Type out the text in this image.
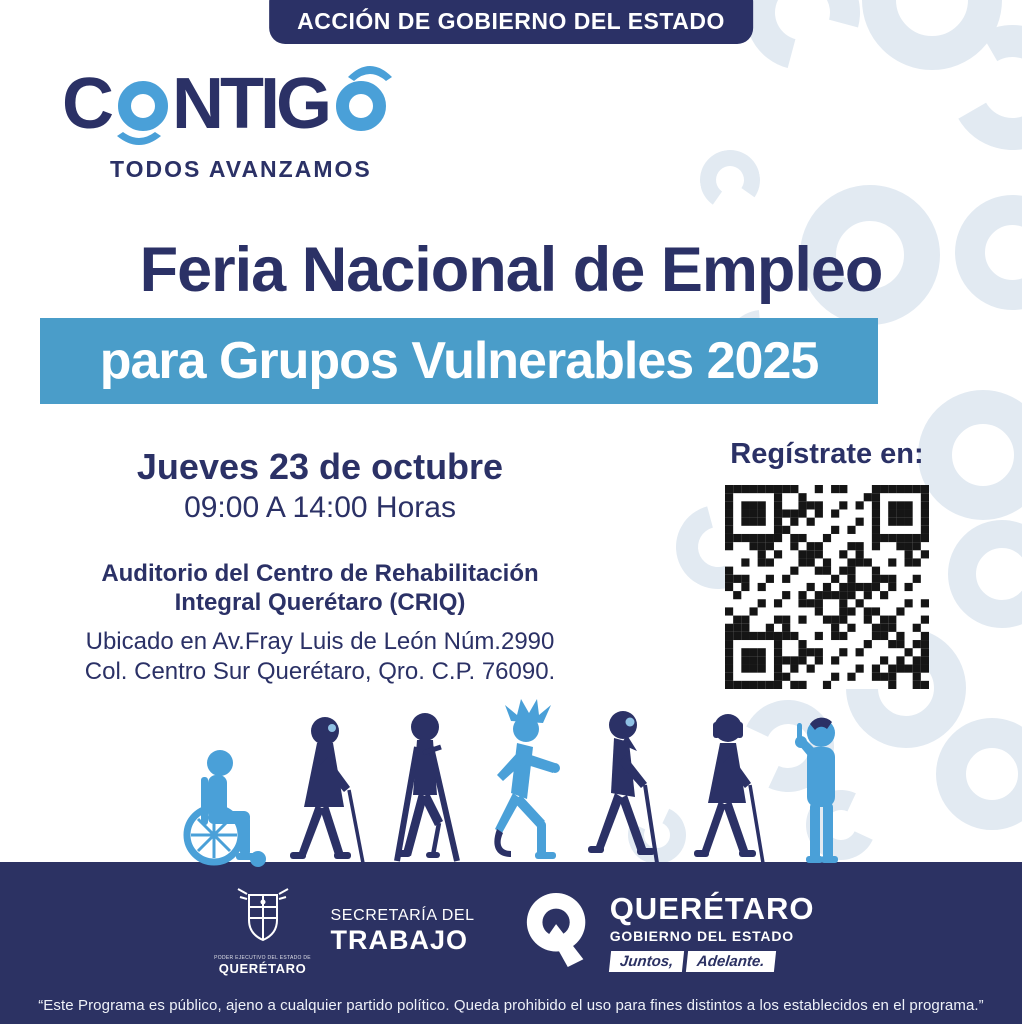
ACCIÓN DE GOBIERNO DEL ESTADO
C NTIG
TODOS AVANZAMOS
Feria Nacional de Empleo
para Grupos Vulnerables 2025
Jueves 23 de octubre
09:00 A 14:00 Horas
Auditorio del Centro de Rehabilitación
Integral Querétaro (CRIQ)
Ubicado en Av.Fray Luis de León Núm.2990
Col. Centro Sur Querétaro, Qro. C.P. 76090.
Regístrate en:
PODER EJECUTIVO DEL ESTADO DE
QUERÉTARO
SECRETARÍA DEL
TRABAJO
QUERÉTARO
GOBIERNO DEL ESTADO
Juntos,	Adelante.
“Este Programa es público, ajeno a cualquier partido político. Queda prohibido el uso para fines distintos a los establecidos en el programa.”
